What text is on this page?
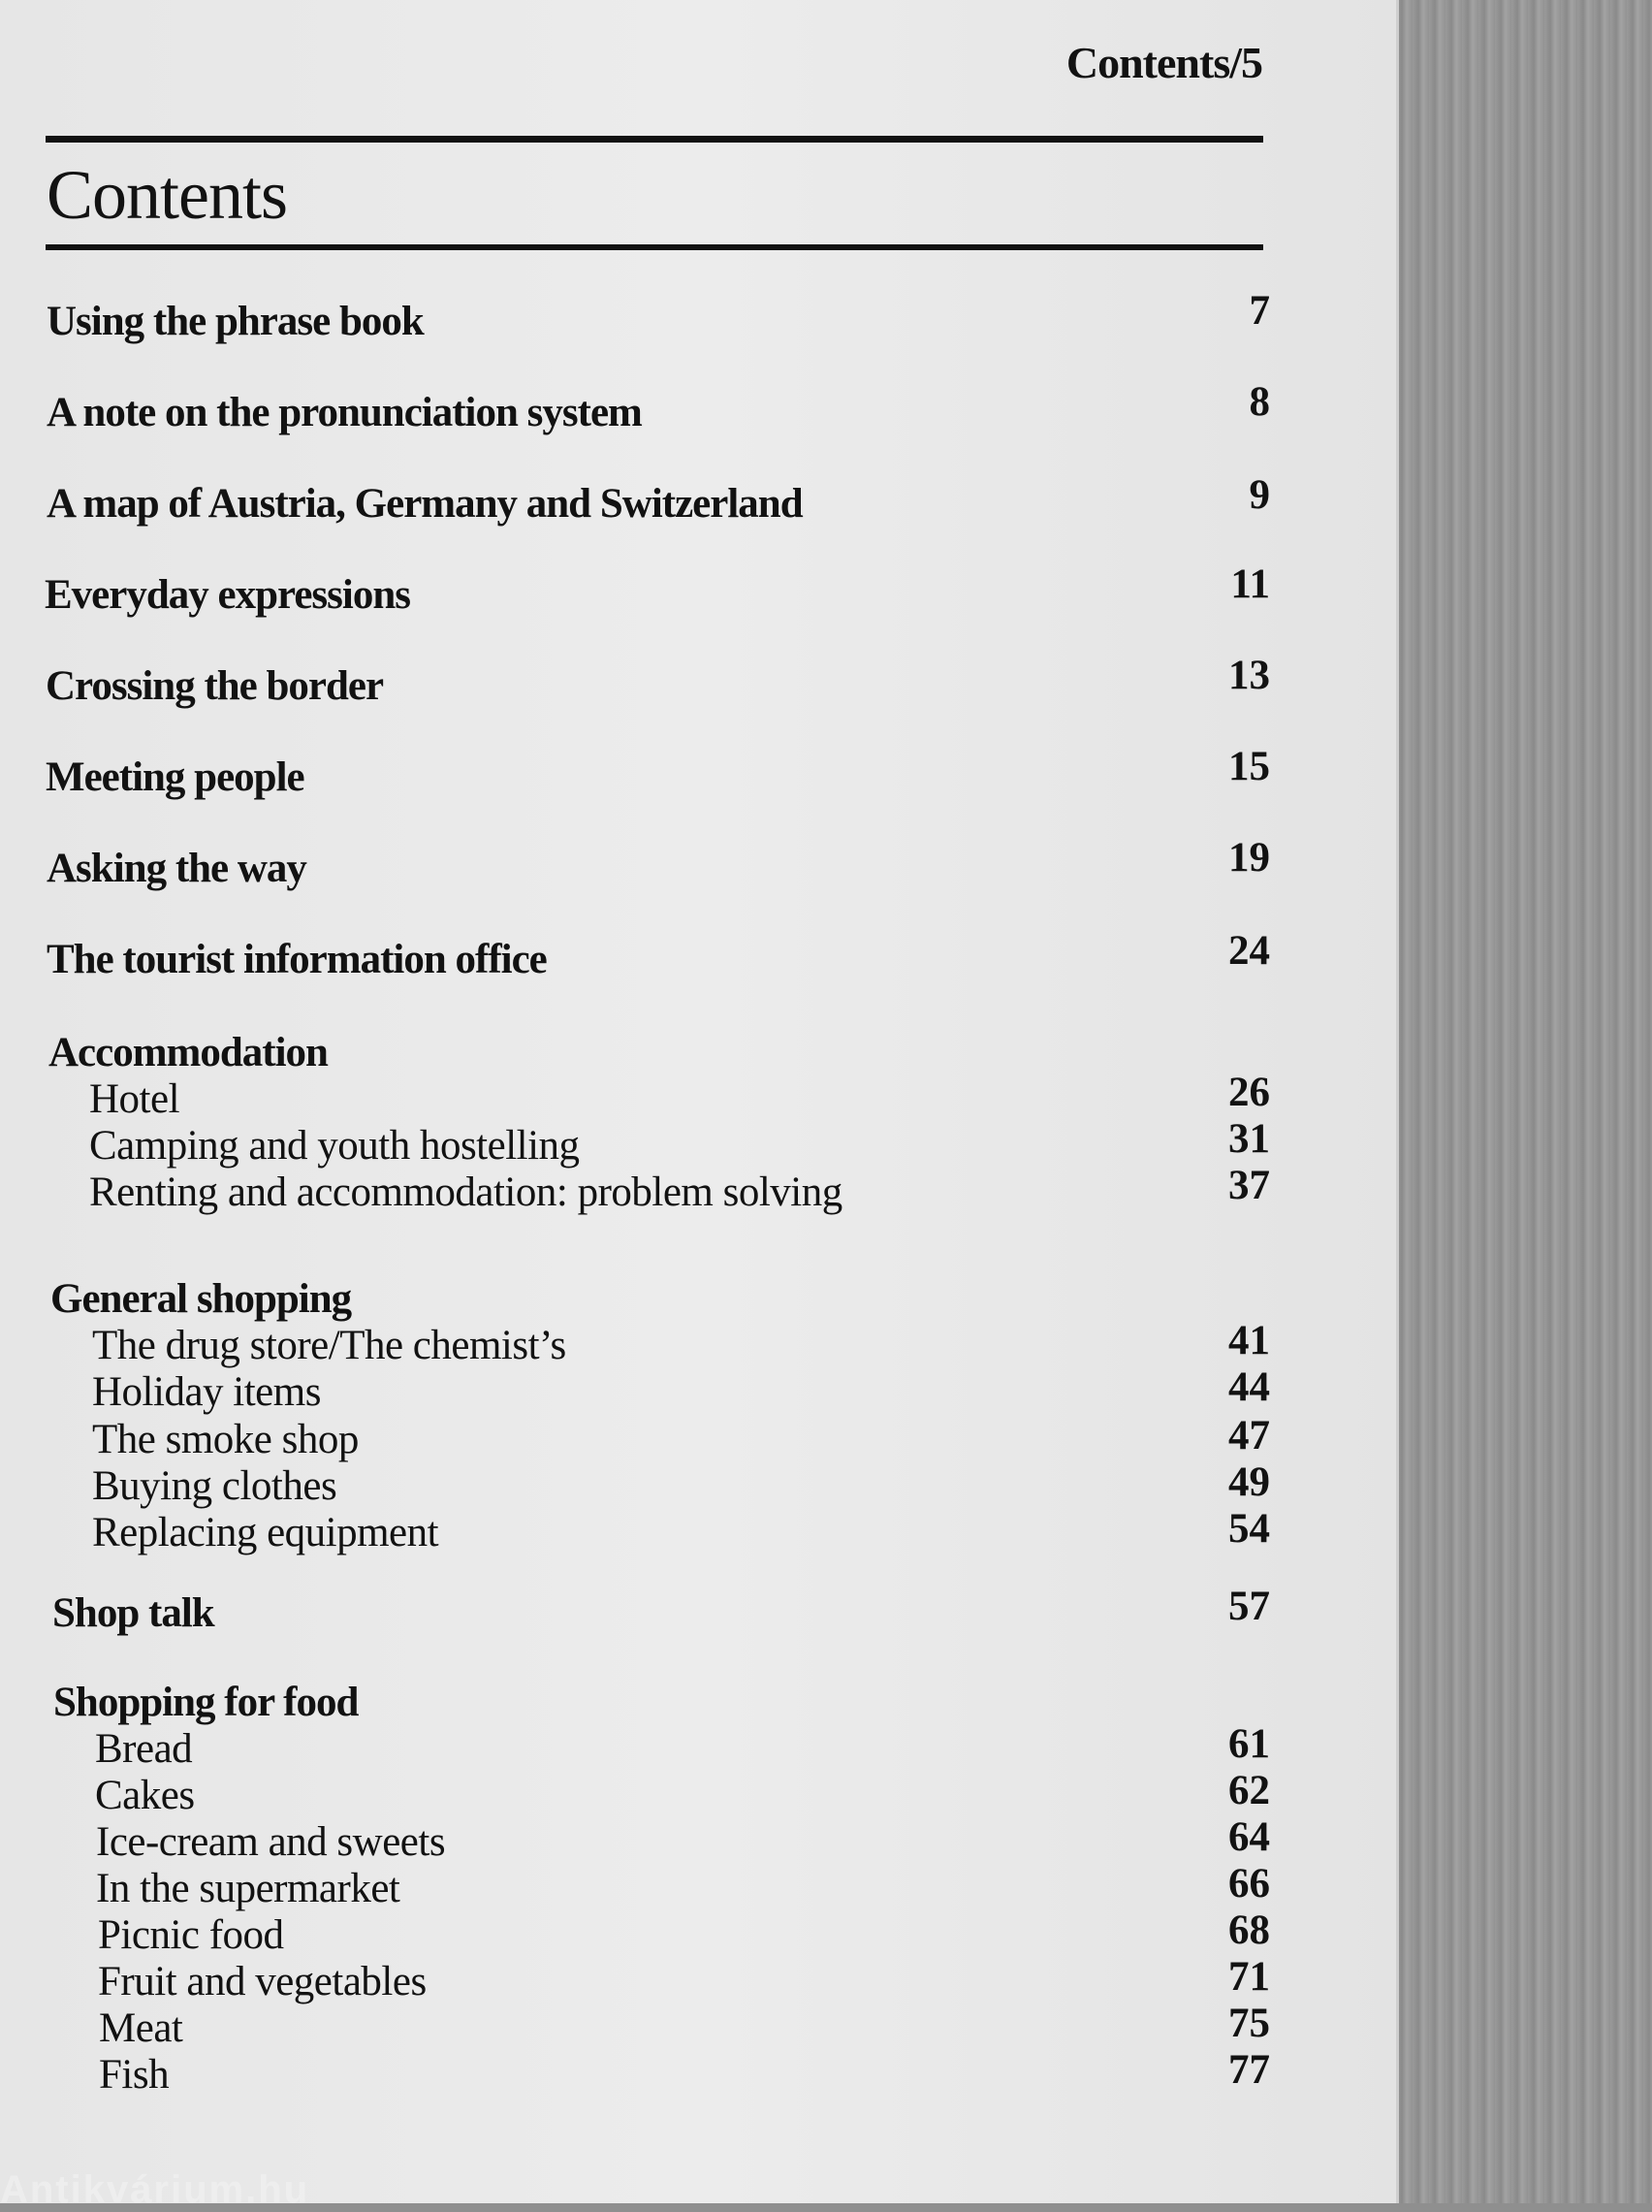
Contents/5
Contents
Using the phrase book	7
A note on the pronunciation system	8
A map of Austria, Germany and Switzerland	9
Everyday expressions	11
Crossing the border	13
Meeting people	15
Asking the way	19
The tourist information office	24
Accommodation
Hotel	26
Camping and youth hostelling	31
Renting and accommodation: problem solving	37
General shopping
The drug store/The chemist’s	41
Holiday items	44
The smoke shop	47
Buying clothes	49
Replacing equipment	54
Shop talk	57
Shopping for food
Bread	61
Cakes	62
Ice-cream and sweets	64
In the supermarket	66
Picnic food	68
Fruit and vegetables	71
Meat	75
Fish	77
Antikvárium.hu
